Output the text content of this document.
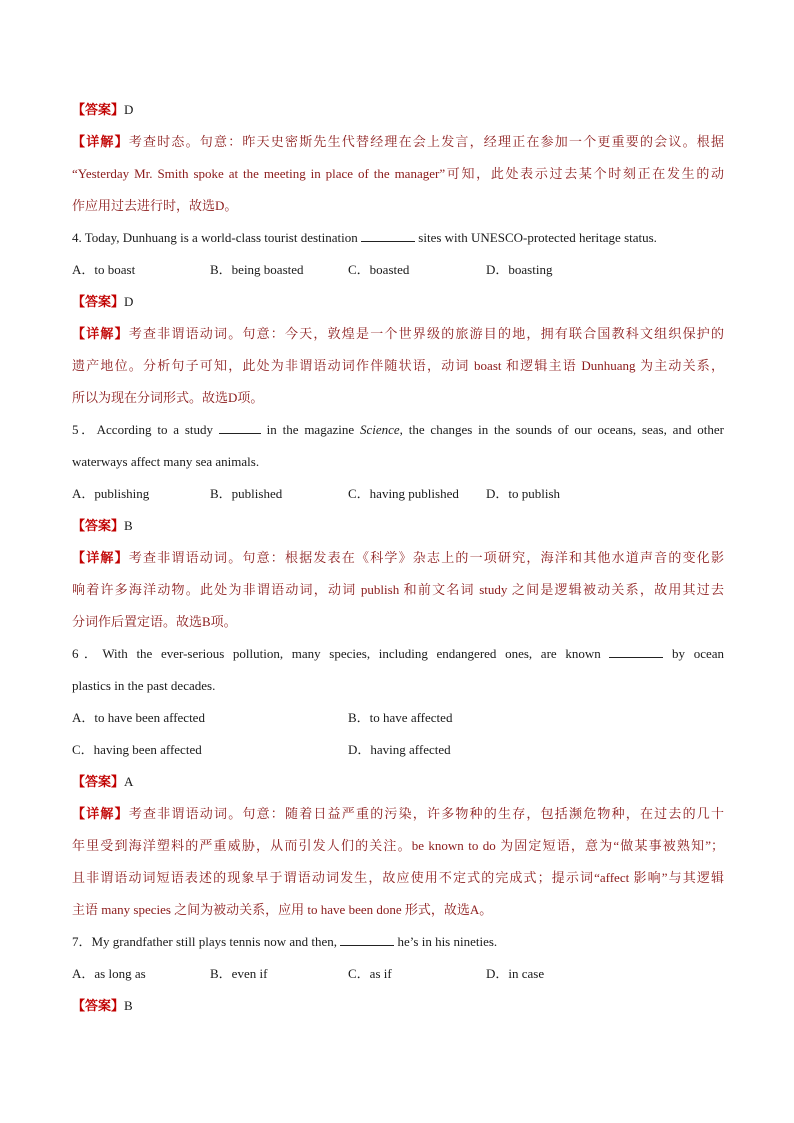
【答案】D
【详解】考查时态。句意：昨天史密斯先生代替经理在会上发言，经理正在参加一个更重要的会议。根据
“Yesterday Mr. Smith spoke at the meeting in place of the manager”可知，此处表示过去某个时刻正在发生的动
作应用过去进行时，故选D。
4. Today, Dunhuang is a world-class tourist destination	sites with UNESCO-protected heritage status.
A．to boast	B．being boasted	C．boasted	D．boasting
【答案】D
【详解】考查非谓语动词。句意：今天，敦煌是一个世界级的旅游目的地，拥有联合国教科文组织保护的
遗产地位。分析句子可知，此处为非谓语动词作伴随状语，动词 boast 和逻辑主语 Dunhuang 为主动关系，
所以为现在分词形式。故选D项。
5．According to a study	in the magazine Science, the changes in the sounds of our oceans, seas, and other
waterways affect many sea animals.
A．publishing	B．published	C．having published	D．to publish
【答案】B
【详解】考查非谓语动词。句意：根据发表在《科学》杂志上的一项研究，海洋和其他水道声音的变化影
响着许多海洋动物。此处为非谓语动词，动词 publish 和前文名词 study 之间是逻辑被动关系，故用其过去
分词作后置定语。故选B项。
6．With the ever-serious pollution, many species, including endangered ones, are known	by ocean
plastics in the past decades.
A．to have been affected	B．to have affected
C．having been affected	D．having affected
【答案】A
【详解】考查非谓语动词。句意：随着日益严重的污染，许多物种的生存，包括濒危物种，在过去的几十
年里受到海洋塑料的严重威胁，从而引发人们的关注。be known to do 为固定短语，意为“做某事被熟知”；
且非谓语动词短语表述的现象早于谓语动词发生，故应使用不定式的完成式；提示词“affect 影响”与其逻辑
主语 many species 之间为被动关系，应用 to have been done 形式，故选A。
7．My grandfather still plays tennis now and then,	he’s in his nineties.
A．as long as	B．even if	C．as if	D．in case
【答案】B
